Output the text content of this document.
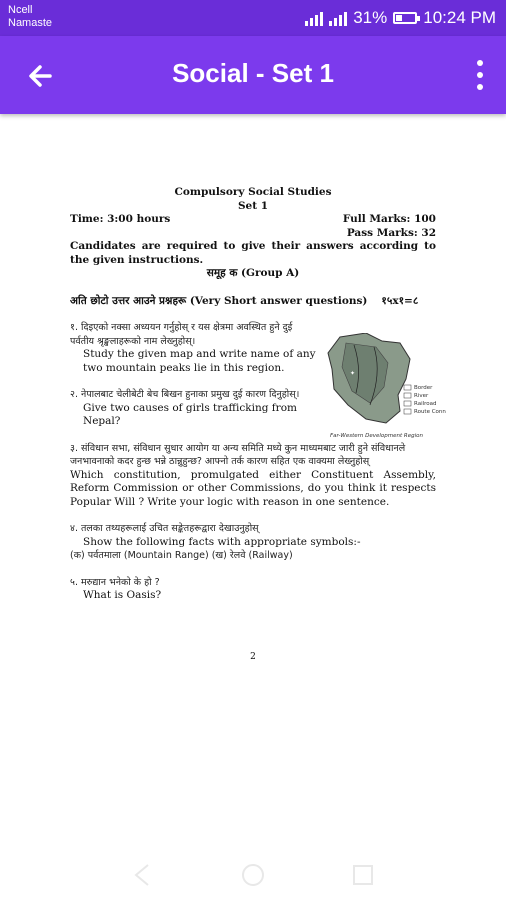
Ncell
Namaste	31% 10:24 PM
Social - Set 1
Compulsory Social Studies
Set 1
Time: 3:00 hours	Full Marks: 100
Pass Marks: 32
Candidates are required to give their answers according to the given instructions.
समूह क (Group A)
अति छोटो उत्तर आउने प्रश्नहरू (Very Short answer questions) १५x१=८
१. दिइएको नक्सा अध्ययन गर्नुहोस् र यस क्षेत्रमा अवस्थित हुने दुई पर्वतीय श्रृङ्खलाहरूको नाम लेख्नुहोस्।
Study the given map and write name of any two mountain peaks lie in this region.
२. नेपालबाट चेलीबेटी बेच बिखन हुनाका प्रमुख दुई कारण दिनुहोस्।
Give two causes of girls trafficking from Nepal?
३. संविधान सभा, संविधान सुधार आयोग या अन्य समिति मध्ये कुन माध्यमबाट जारी हुने संविधानले जनभावनाको कदर हुन्छ भन्ने ठान्नुहुन्छ? आफ्नो तर्क कारण सहित एक वाक्यमा लेख्नुहोस्
Which constitution, promulgated either Constituent Assembly, Reform Commission or other Commissions, do you think it respects Popular Will ? Write your logic with reason in one sentence.
४. तलका तथ्यहरूलाई उचित सङ्केतहरूद्वारा देखाउनुहोस्
Show the following facts with appropriate symbols:-
(क) पर्वतमाला (Mountain Range) (ख) रेलवे (Railway)
५. मरुद्यान भनेको के हो ?
What is Oasis?
2
✦
Border
River
Railroad
Route Conn
Far-Western Development Region
